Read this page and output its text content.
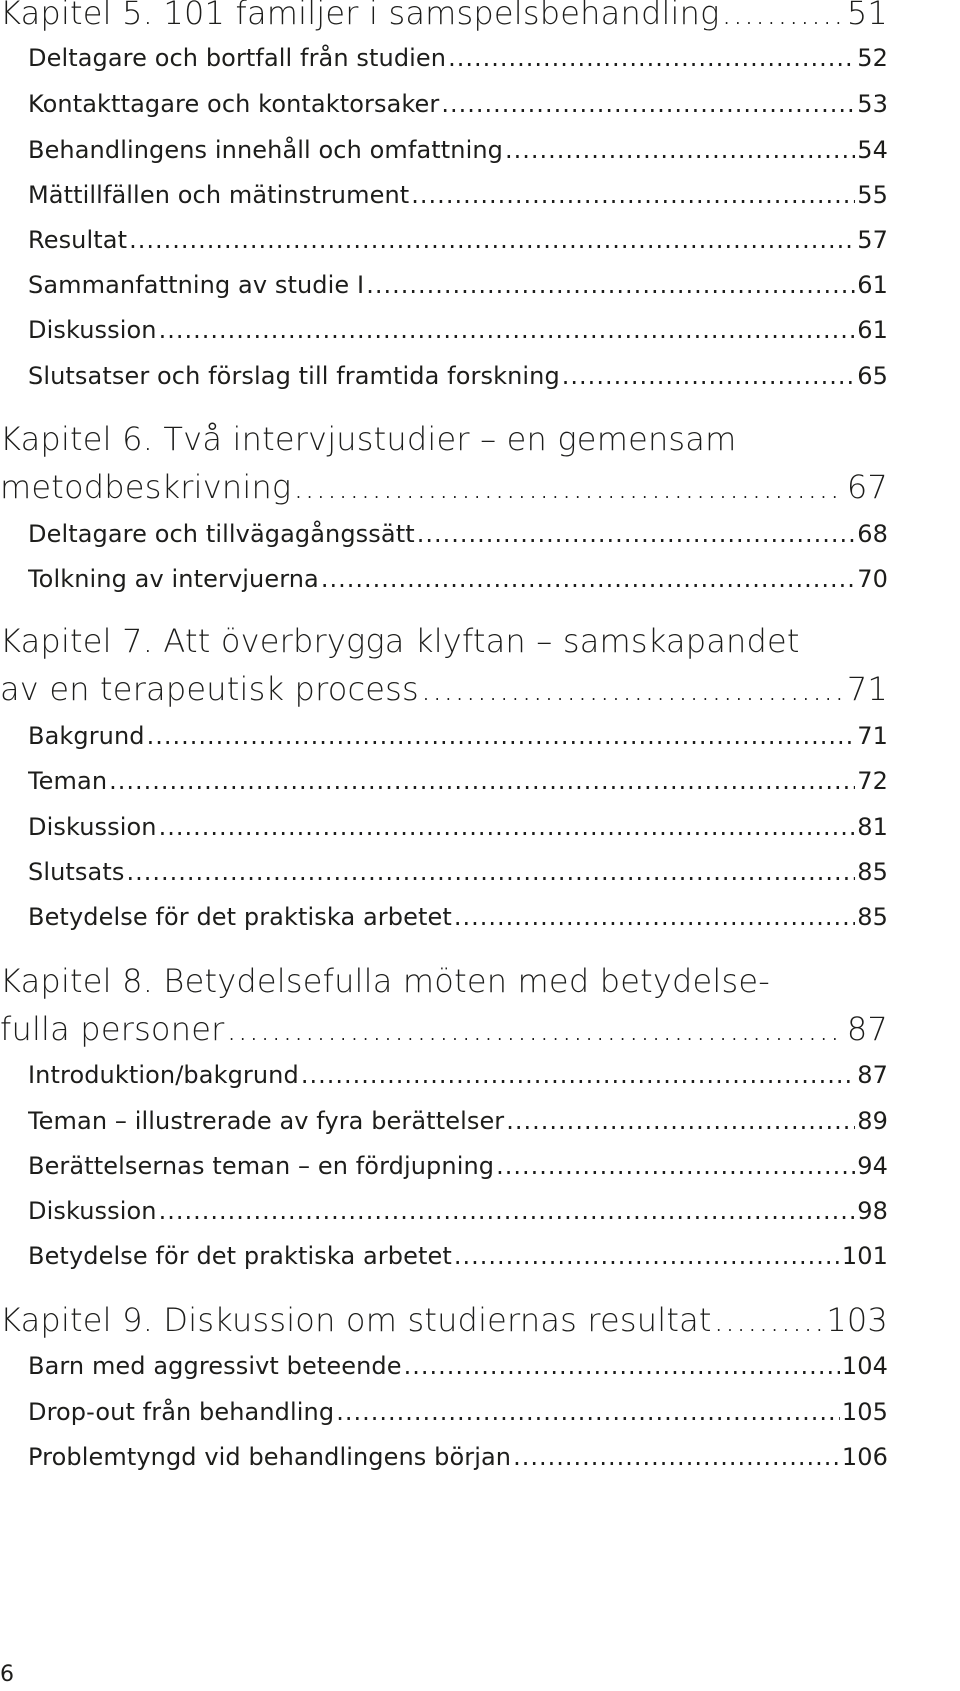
Kapitel 5. 101 familjer i samspelsbehandling .....	51
Deltagare och bortfall från studien .....	52
Kontakttagare och kontaktorsaker .....	53
Behandlingens innehåll och omfattning .....	54
Mättillfällen och mätinstrument .....	55
Resultat .....	57
Sammanfattning av studie I .....	61
Diskussion .....	61
Slutsatser och förslag till framtida forskning .....	65
Kapitel 6. Två intervjustudier – en gemensam
metodbeskrivning .....	67
Deltagare och tillvägagångssätt .....	68
Tolkning av intervjuerna .....	70
Kapitel 7. Att överbrygga klyftan – samskapandet
av en terapeutisk process .....	71
Bakgrund .....	71
Teman .....	72
Diskussion .....	81
Slutsats .....	85
Betydelse för det praktiska arbetet .....	85
Kapitel 8. Betydelsefulla möten med betydelse-
fulla personer .....	87
Introduktion/bakgrund .....	87
Teman – illustrerade av fyra berättelser .....	89
Berättelsernas teman – en fördjupning .....	94
Diskussion .....	98
Betydelse för det praktiska arbetet .....	101
Kapitel 9. Diskussion om studiernas resultat .....	103
Barn med aggressivt beteende .....	104
Drop-out från behandling .....	105
Problemtyngd vid behandlingens början .....	106
6
